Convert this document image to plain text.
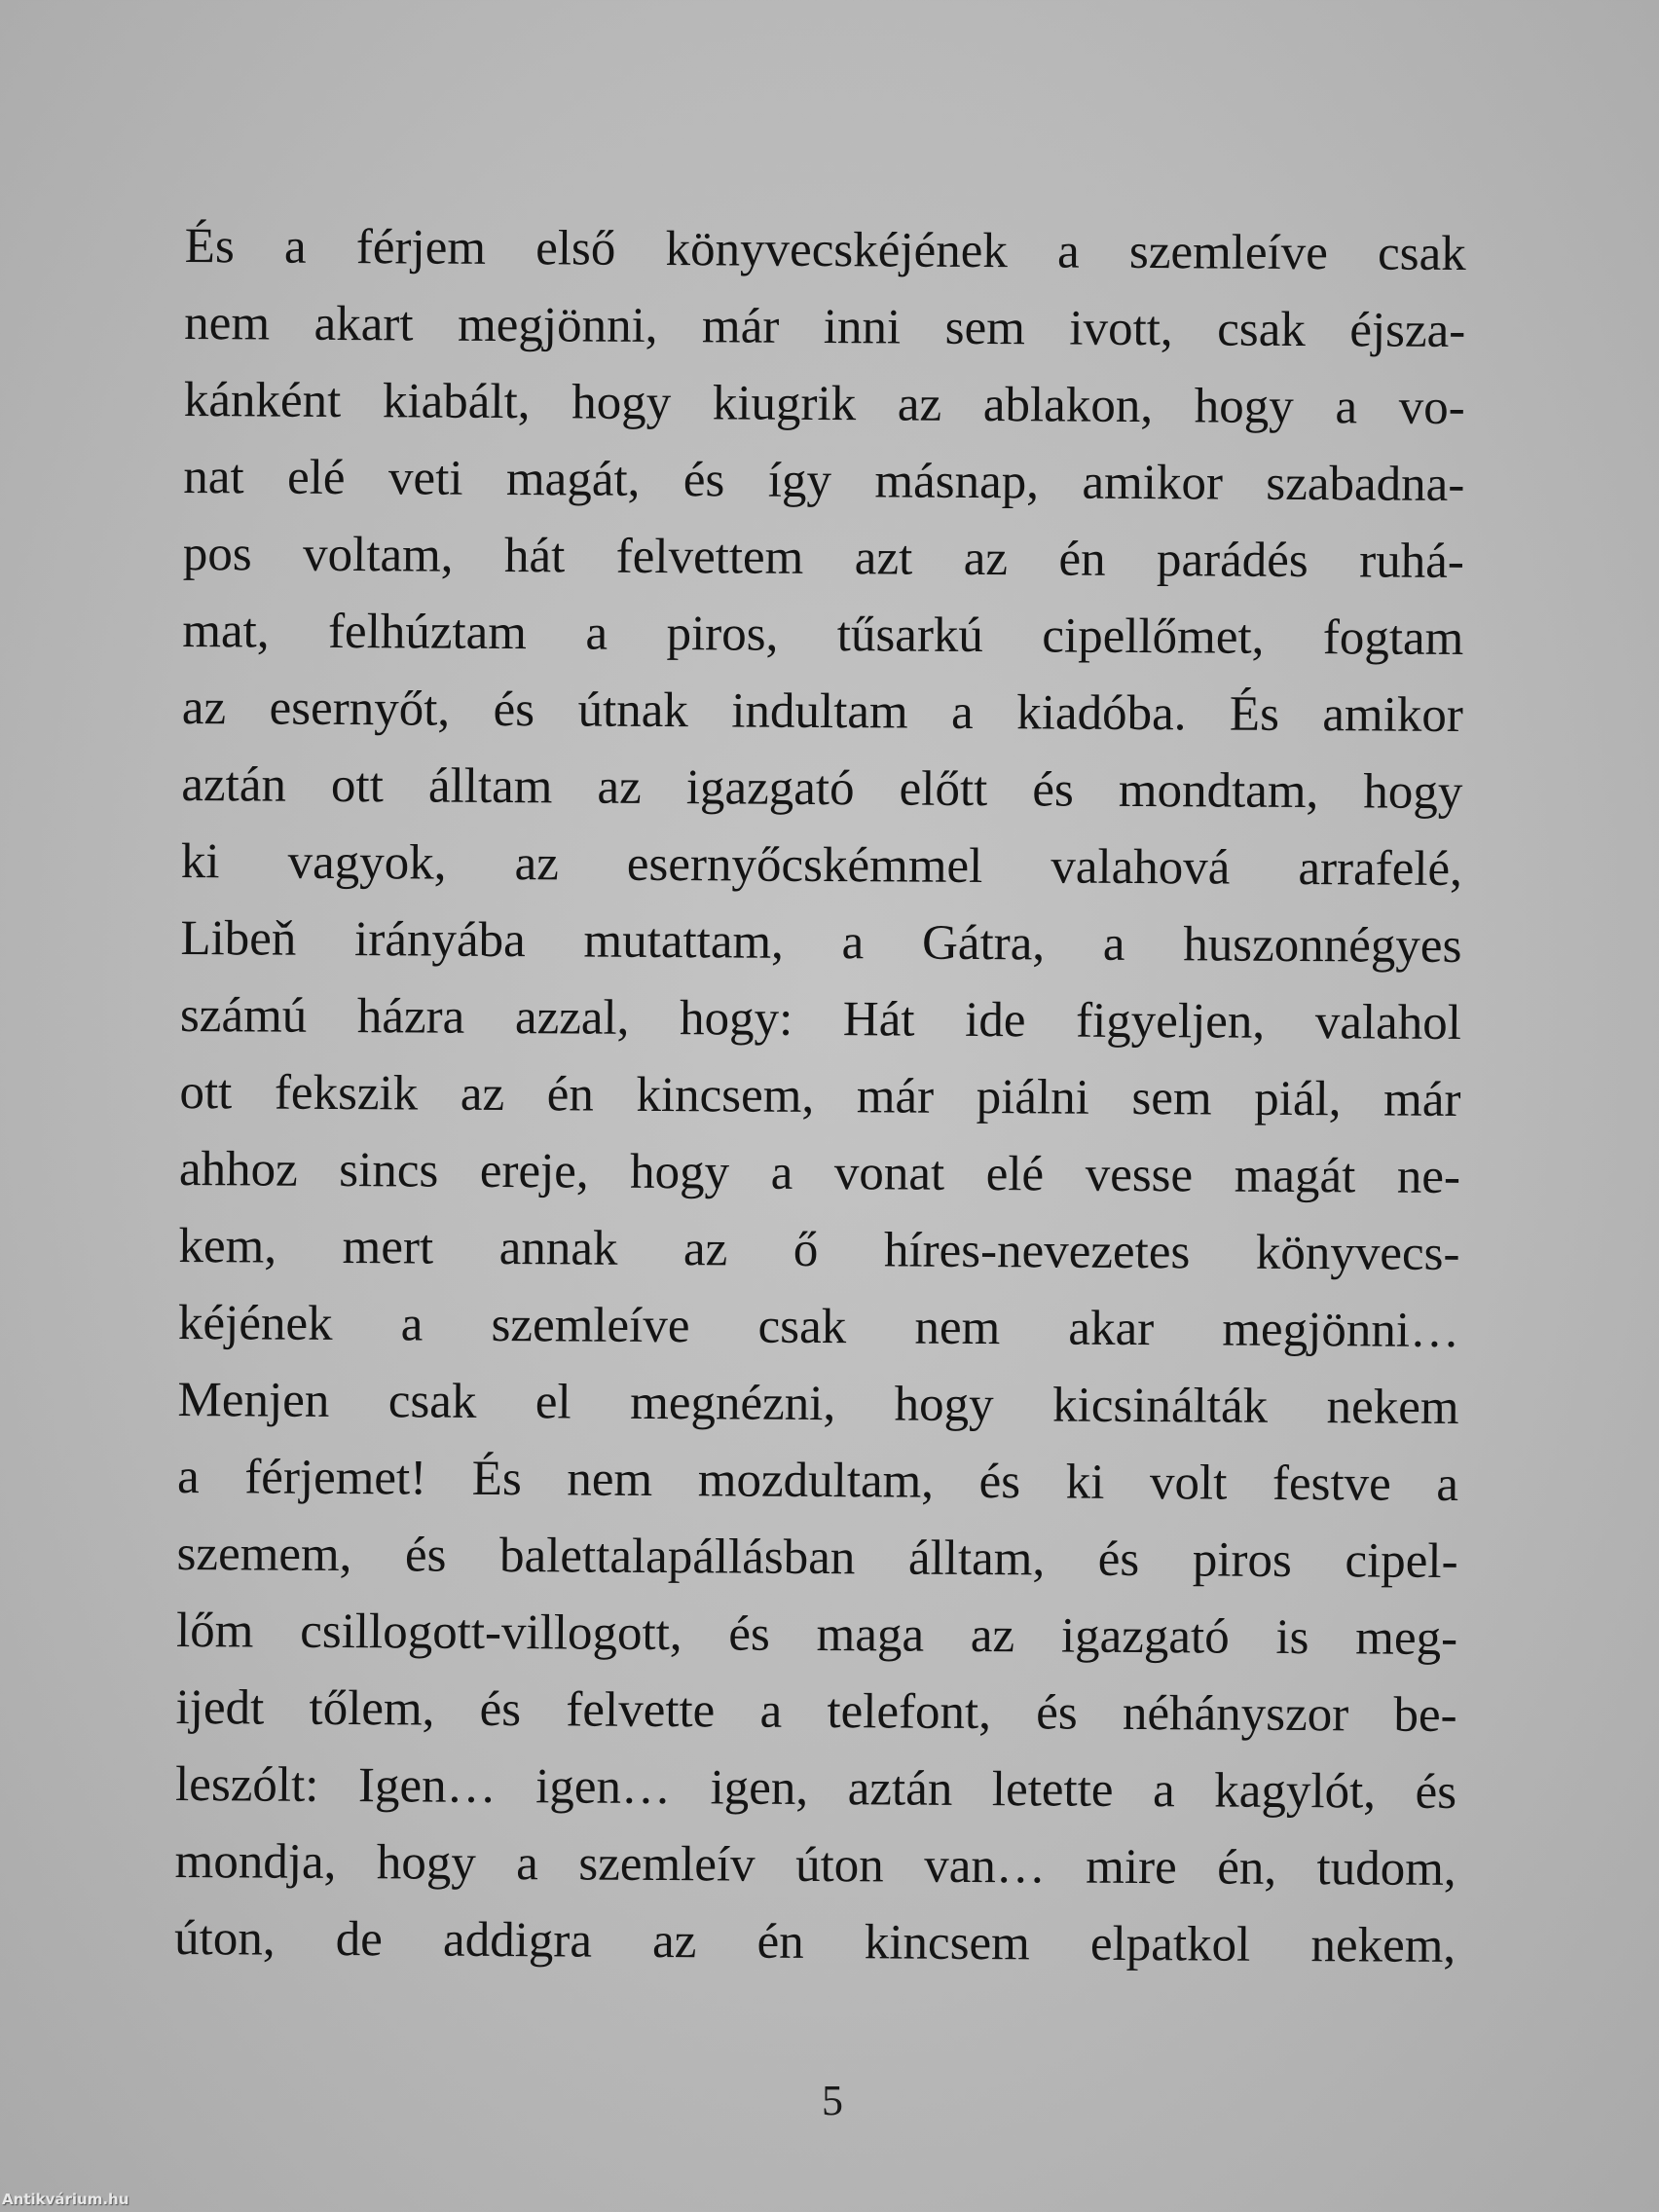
És a férjem első könyvecskéjének a szemleíve csak
nem akart megjönni, már inni sem ivott, csak éjsza-
kánként kiabált, hogy kiugrik az ablakon, hogy a vo-
nat elé veti magát, és így másnap, amikor szabadna-
pos voltam, hát felvettem azt az én parádés ruhá-
mat, felhúztam a piros, tűsarkú cipellőmet, fogtam
az esernyőt, és útnak indultam a kiadóba. És amikor
aztán ott álltam az igazgató előtt és mondtam, hogy
ki vagyok, az esernyőcskémmel valahová arrafelé,
Libeň irányába mutattam, a Gátra, a huszonnégyes
számú házra azzal, hogy: Hát ide figyeljen, valahol
ott fekszik az én kincsem, már piálni sem piál, már
ahhoz sincs ereje, hogy a vonat elé vesse magát ne-
kem, mert annak az ő híres-nevezetes könyvecs-
kéjének a szemleíve csak nem akar megjönni…
Menjen csak el megnézni, hogy kicsinálták nekem
a férjemet! És nem mozdultam, és ki volt festve a
szemem, és balettalapállásban álltam, és piros cipel-
lőm csillogott-villogott, és maga az igazgató is meg-
ijedt tőlem, és felvette a telefont, és néhányszor be-
leszólt: Igen… igen… igen, aztán letette a kagylót, és
mondja, hogy a szemleív úton van… mire én, tudom,
úton, de addigra az én kincsem elpatkol nekem,
5
Antikvárium.hu
